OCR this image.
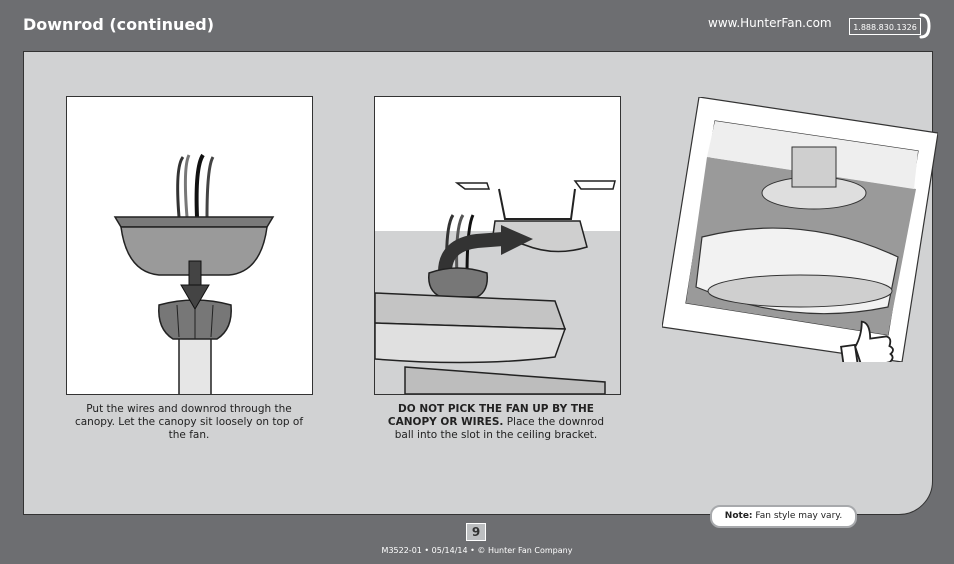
Downrod (continued)	www.HunterFan.com	1.888.830.1326
Put the wires and downrod through the canopy. Let the canopy sit loosely on top of the fan.
DO NOT PICK THE FAN UP BY THE CANOPY OR WIRES. Place the downrod ball into the slot in the ceiling bracket.
Note: Fan style may vary.
9
M3522-01 • 05/14/14 • © Hunter Fan Company
